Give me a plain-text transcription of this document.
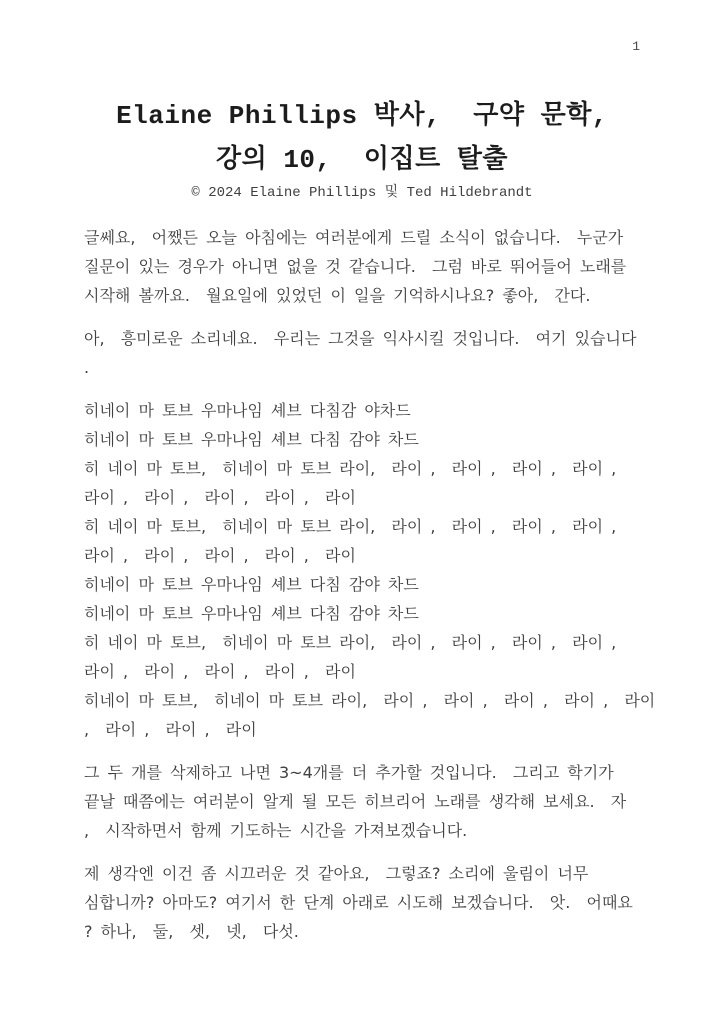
1
Elaine Phillips 박사,  구약 문학,
강의 10,  이집트 탈출
© 2024 Elaine Phillips 및 Ted Hildebrandt
글쎄요,  어쨌든 오늘 아침에는 여러분에게 드릴 소식이 없습니다.  누군가
질문이 있는 경우가 아니면 없을 것 같습니다.  그럼 바로 뛰어들어 노래를
시작해 볼까요.  월요일에 있었던 이 일을 기억하시나요? 좋아,  간다.
아,  흥미로운 소리네요.  우리는 그것을 익사시킬 것입니다.  여기 있습니다
.
히네이 마 토브 우마나임 셰브 다침감 야차드
히네이 마 토브 우마나임 셰브 다침 감야 차드
히 네이 마 토브,  히네이 마 토브 라이,  라이 ,  라이 ,  라이 ,  라이 ,
라이 ,  라이 ,  라이 ,  라이 ,  라이
히 네이 마 토브,  히네이 마 토브 라이,  라이 ,  라이 ,  라이 ,  라이 ,
라이 ,  라이 ,  라이 ,  라이 ,  라이
히네이 마 토브 우마나임 셰브 다침 감야 차드
히네이 마 토브 우마나임 셰브 다침 감야 차드
히 네이 마 토브,  히네이 마 토브 라이,  라이 ,  라이 ,  라이 ,  라이 ,
라이 ,  라이 ,  라이 ,  라이 ,  라이
히네이 마 토브,  히네이 마 토브 라이,  라이 ,  라이 ,  라이 ,  라이 ,  라이
,  라이 ,  라이 ,  라이
그 두 개를 삭제하고 나면 3~4개를 더 추가할 것입니다.  그리고 학기가
끝날 때쯤에는 여러분이 알게 될 모든 히브리어 노래를 생각해 보세요.  자
,  시작하면서 함께 기도하는 시간을 가져보겠습니다.
제 생각엔 이건 좀 시끄러운 것 같아요,  그렇죠? 소리에 울림이 너무
심합니까? 아마도? 여기서 한 단계 아래로 시도해 보겠습니다.  앗.  어때요
? 하나,  둘,  셋,  넷,  다섯.
